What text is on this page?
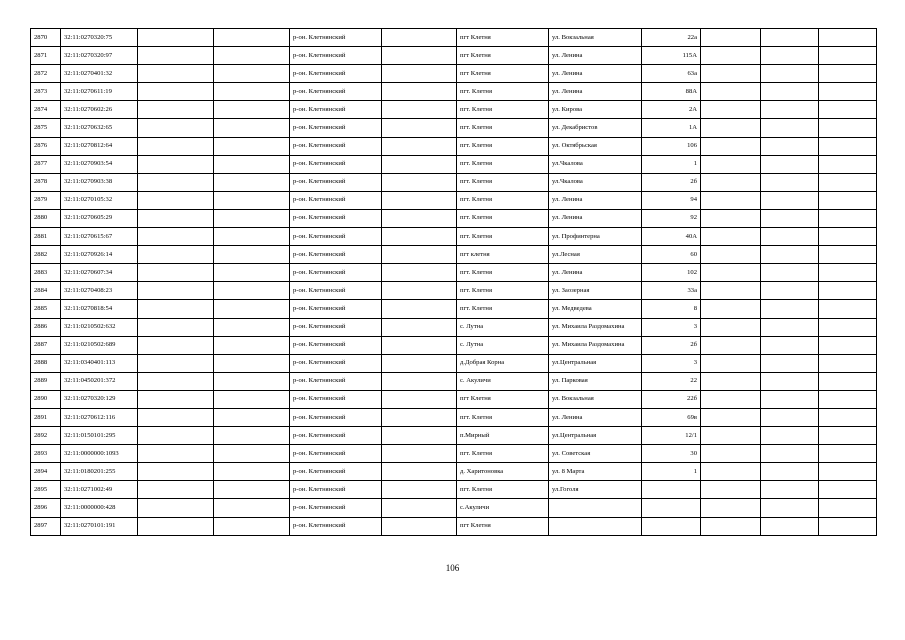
2870	32:11:0270320:75			р-он. Клетнянский		пгт Клетня	ул. Вокзальная	22а			
2871	32:11:0270320:97			р-он. Клетнянский		пгт Клетня	ул. Ленина	115А			
2872	32:11:0270401:32			р-он. Клетнянский		пгт Клетня	ул. Ленина	63а			
2873	32:11:0270611:19			р-он. Клетнянский		пгт. Клетня	ул. Ленина	88А			
2874	32:11:0270602:26			р-он. Клетнянский		пгт. Клетня	ул. Кирова	2А			
2875	32:11:0270632:65			р-он. Клетнянский		пгт. Клетня	ул. Декабристов	1А			
2876	32:11:0270812:64			р-он. Клетнянский		пгт. Клетня	ул. Октябрьская	106			
2877	32:11:0270903:54			р-он. Клетнянский		пгт. Клетня	ул.Чкалова	1			
2878	32:11:0270903:38			р-он. Клетнянский		пгт. Клетня	ул.Чкалова	2б			
2879	32:11:0270105:32			р-он. Клетнянский		пгт. Клетня	ул. Ленина	94			
2880	32:11:0270605:29			р-он. Клетнянский		пгт. Клетня	ул. Ленина	92			
2881	32:11:0270615:67			р-он. Клетнянский		пгт. Клетня	ул. Профинтерна	40А			
2882	32:11:0270926:14			р-он. Клетнянский		пгт клетня	ул.Лесная	60			
2883	32:11:0270607:34			р-он. Клетнянский		пгт. Клетня	ул. Ленина	102			
2884	32:11:0270408:23			р-он. Клетнянский		пгт. Клетня	ул. Заозерная	33а			
2885	32:11:0270818:54			р-он. Клетнянский		пгт. Клетня	ул. Медведева	8			
2886	32:11:0210502:632			р-он. Клетнянский		с. Лутна	ул. Михаила Раздомахина	3			
2887	32:11:0210502:689			р-он. Клетнянский		с. Лутна	ул. Михаила Раздомахина	2б			
2888	32:11:0340401:113			р-он. Клетнянский		д.Добрая Корна	ул.Центральная	3			
2889	32:11:0450201:372			р-он. Клетнянский		с. Акуличи	ул. Парковая	22			
2890	32:11:0270320:129			р-он. Клетнянский		пгт Клетня	ул. Вокзальная	22б			
2891	32:11:0270612:116			р-он. Клетнянский		пгт. Клетня	ул. Ленина	69в			
2892	32:11:0150101:295			р-он. Клетнянский		п.Мирный	ул.Центральная	12/1			
2893	32:11:0000000:1093			р-он. Клетнянский		пгт. Клетня	ул. Советская	30			
2894	32:11:0180201:255			р-он. Клетнянский		д. Харитоновка	ул. 8 Марта	1			
2895	32:11:0271002:49			р-он. Клетнянский		пгт. Клетня	ул.Гоголя				
2896	32:11:0000000:428			р-он. Клетнянский		с.Акуличи					
2897	32:11:0270101:191			р-он. Клетнянский		пгт Клетня					
106
